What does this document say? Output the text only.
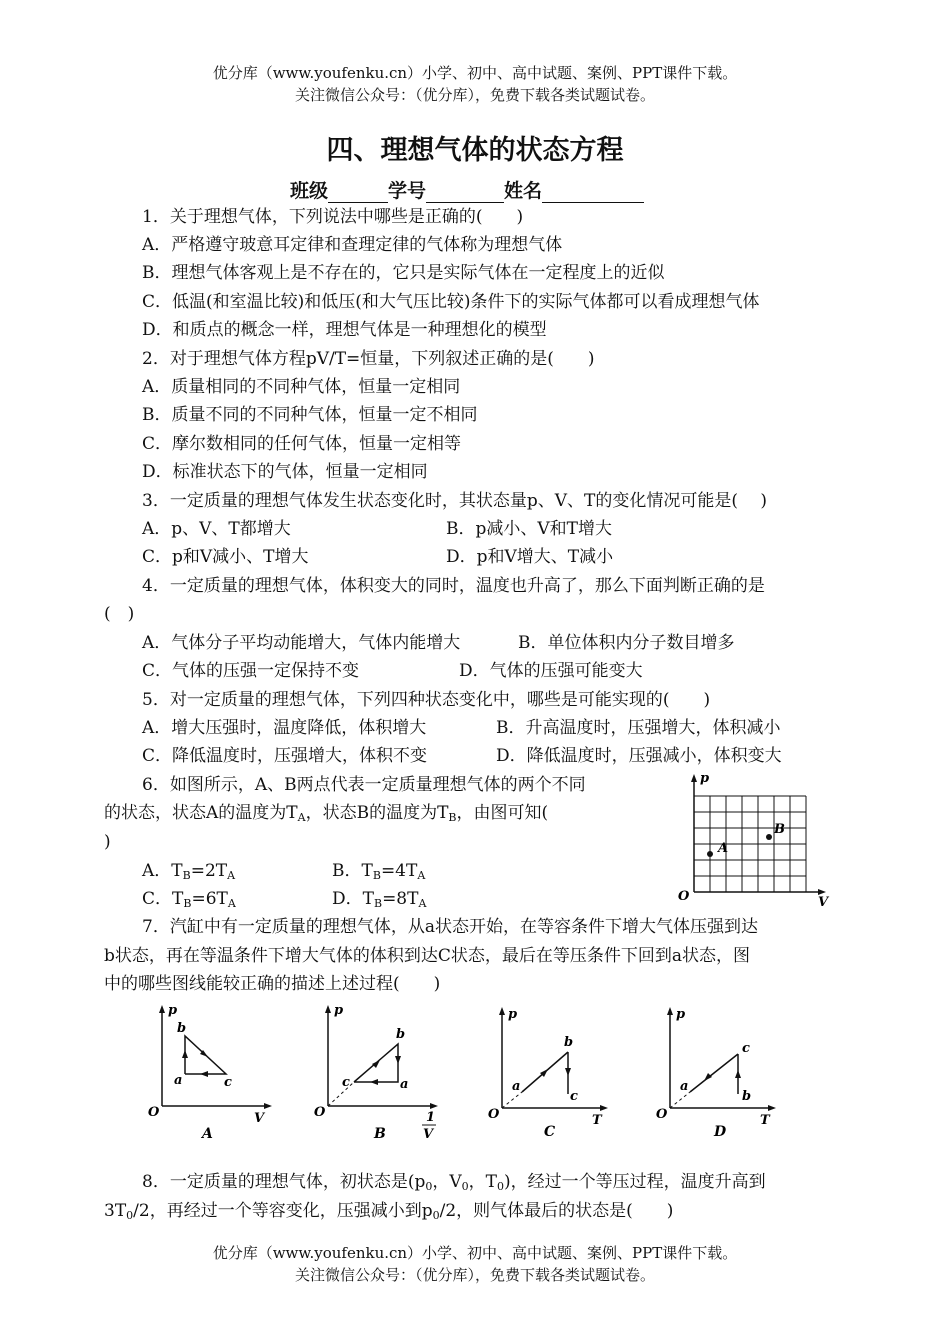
优分库（www.youfenku.cn）小学、初中、高中试题、案例、PPT课件下载。
关注微信公众号：（优分库），免费下载各类试题试卷。
四、理想气体的状态方程
班级	学号	姓名
1．关于理想气体，下列说法中哪些是正确的(　　)
A．严格遵守玻意耳定律和查理定律的气体称为理想气体
B．理想气体客观上是不存在的，它只是实际气体在一定程度上的近似
C．低温(和室温比较)和低压(和大气压比较)条件下的实际气体都可以看成理想气体
D．和质点的概念一样，理想气体是一种理想化的模型
2．对于理想气体方程pV/T=恒量，下列叙述正确的是(　　)
A．质量相同的不同种气体，恒量一定相同
B．质量不同的不同种气体，恒量一定不相同
C．摩尔数相同的任何气体，恒量一定相等
D．标准状态下的气体，恒量一定相同
3．一定质量的理想气体发生状态变化时，其状态量p、V、T的变化情况可能是(　 )
A．p、V、T都增大	B．p减小、V和T增大
C．p和V减小、T增大	D．p和V增大、T减小
4．一定质量的理想气体，体积变大的同时，温度也升高了，那么下面判断正确的是
(　)
A．气体分子平均动能增大，气体内能增大	B．单位体积内分子数目增多
C．气体的压强一定保持不变	D．气体的压强可能变大
5．对一定质量的理想气体，下列四种状态变化中，哪些是可能实现的(　　)
A．增大压强时，温度降低，体积增大	B．升高温度时，压强增大，体积减小
C．降低温度时，压强增大，体积不变	D．降低温度时，压强减小，体积变大
6．如图所示，A、B两点代表一定质量理想气体的两个不同
的状态，状态A的温度为TA，状态B的温度为TB，由图可知(
)
A．TB=2TA	B．TB=4TA
C．TB=6TA	D．TB=8TA
p
V
O
A
B
7．汽缸中有一定质量的理想气体，从a状态开始，在等容条件下增大气体压强到达
b状态，再在等温条件下增大气体的体积到达C状态，最后在等压条件下回到a状态，图
中的哪些图线能较正确的描述上述过程(　　)
p
V
O
a
b
c
A
p
1
V
O
a
b
c
B
p
T
O
a
b
c
C
p
T
O
a
b
c
D
8．一定质量的理想气体，初状态是(p0，V0，T0)，经过一个等压过程，温度升高到
3T0/2，再经过一个等容变化，压强减小到p0/2，则气体最后的状态是(　　)
优分库（www.youfenku.cn）小学、初中、高中试题、案例、PPT课件下载。
关注微信公众号：（优分库），免费下载各类试题试卷。
